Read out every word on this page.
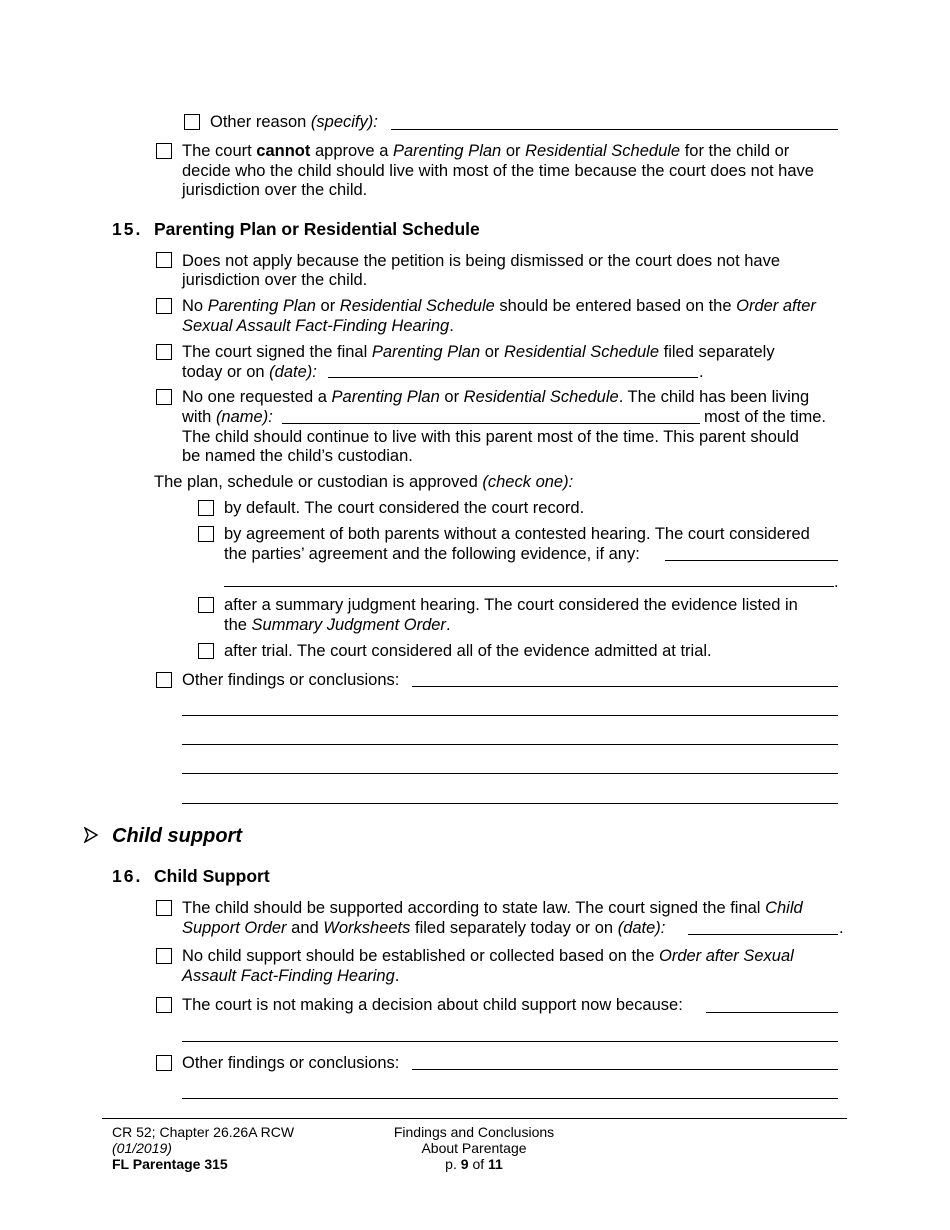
Other reason (specify):
The court cannot approve a Parenting Plan or Residential Schedule for the child or
decide who the child should live with most of the time because the court does not have
jurisdiction over the child.
15. Parenting Plan or Residential Schedule
Does not apply because the petition is being dismissed or the court does not have
jurisdiction over the child.
No Parenting Plan or Residential Schedule should be entered based on the Order after
Sexual Assault Fact-Finding Hearing.
The court signed the final Parenting Plan or Residential Schedule filed separately
today or on (date):	.
No one requested a Parenting Plan or Residential Schedule. The child has been living
with (name):	most of the time.
The child should continue to live with this parent most of the time. This parent should
be named the child’s custodian.
The plan, schedule or custodian is approved (check one):
by default. The court considered the court record.
by agreement of both parents without a contested hearing. The court considered
the parties’ agreement and the following evidence, if any:
.
after a summary judgment hearing. The court considered the evidence listed in
the Summary Judgment Order.
after trial. The court considered all of the evidence admitted at trial.
Other findings or conclusions:
Child support
16. Child Support
The child should be supported according to state law. The court signed the final Child
Support Order and Worksheets filed separately today or on (date):	.
No child support should be established or collected based on the Order after Sexual
Assault Fact-Finding Hearing.
The court is not making a decision about child support now because:
Other findings or conclusions:
CR 52; Chapter 26.26A RCW
(01/2019)
FL Parentage 315
Findings and Conclusions
About Parentage
p. 9 of 11
